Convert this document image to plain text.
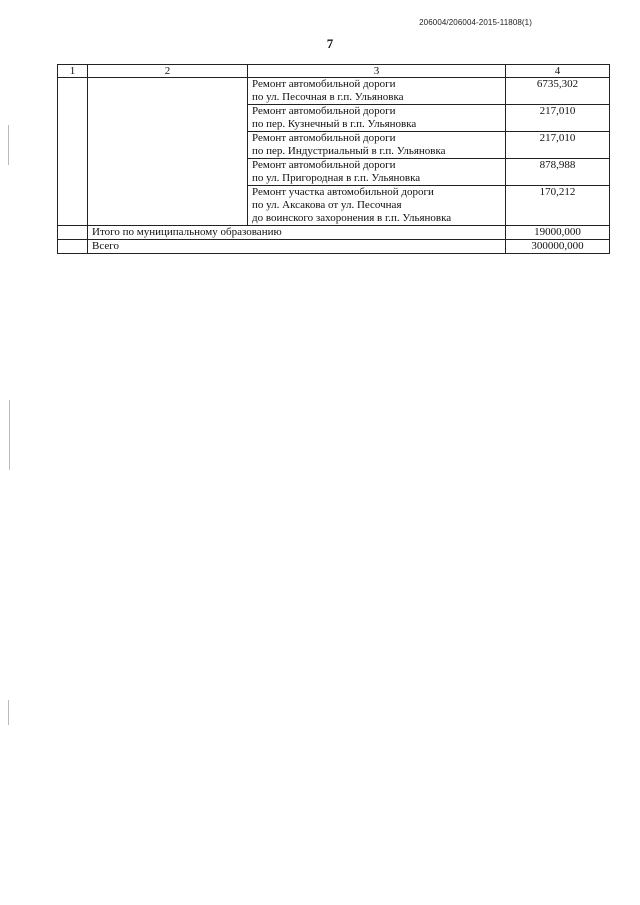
206004/206004-2015-11808(1)
7
1	2	3	4

		Ремонт автомобильной дороги
по ул. Песочная в г.п. Ульяновка	6735,302

		Ремонт автомобильной дороги
по пер. Кузнечный в г.п. Ульяновка	217,010

		Ремонт автомобильной дороги
по пер. Индустриальный в г.п. Ульяновка	217,010

		Ремонт автомобильной дороги
по ул. Пригородная в г.п. Ульяновка	878,988

		Ремонт участка автомобильной дороги
по ул. Аксакова от ул. Песочная
до воинского захоронения в г.п. Ульяновка	170,212
	Итого по муниципальному образованию		19000,000
	Всего		300000,000
